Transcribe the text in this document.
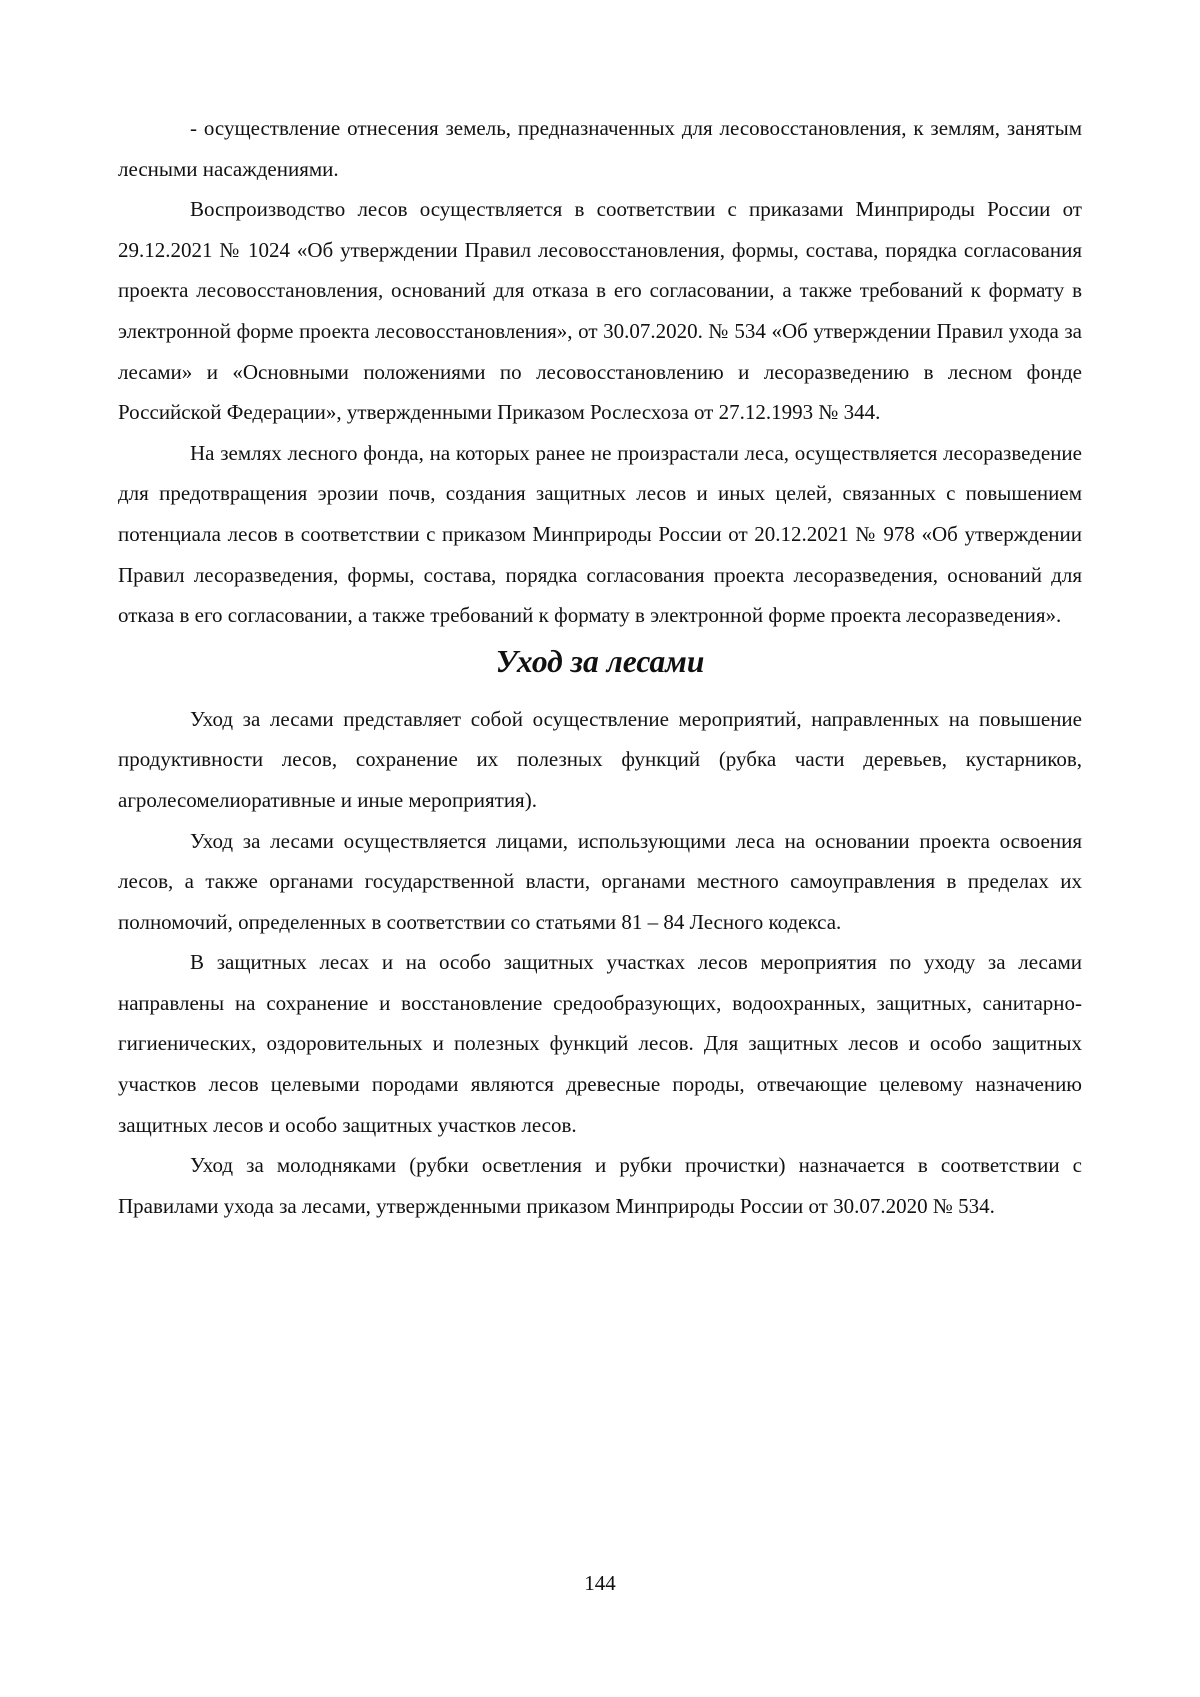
- осуществление отнесения земель, предназначенных для лесовосстановления, к землям, занятым лесными насаждениями.

Воспроизводство лесов осуществляется в соответствии с приказами Минприроды России от 29.12.2021 № 1024 «Об утверждении Правил лесовосстановления, формы, состава, порядка согласования проекта лесовосстановления, оснований для отказа в его согласовании, а также требований к формату в электронной форме проекта лесовосстановления», от 30.07.2020. № 534 «Об утверждении Правил ухода за лесами» и «Основными положениями по лесовосстановлению и лесоразведению в лесном фонде Российской Федерации», утвержденными Приказом Рослесхоза от 27.12.1993 № 344.

На землях лесного фонда, на которых ранее не произрастали леса, осуществляется лесоразведение для предотвращения эрозии почв, создания защитных лесов и иных целей, связанных с повышением потенциала лесов в соответствии с приказом Минприроды России от 20.12.2021 № 978 «Об утверждении Правил лесоразведения, формы, состава, порядка согласования проекта лесоразведения, оснований для отказа в его согласовании, а также требований к формату в электронной форме проекта лесоразведения».

Уход за лесами

Уход за лесами представляет собой осуществление мероприятий, направленных на повышение продуктивности лесов, сохранение их полезных функций (рубка части деревьев, кустарников, агролесомелиоративные и иные мероприятия).

Уход за лесами осуществляется лицами, использующими леса на основании проекта освоения лесов, а также органами государственной власти, органами местного самоуправления в пределах их полномочий, определенных в соответствии со статьями 81 – 84 Лесного кодекса.

В защитных лесах и на особо защитных участках лесов мероприятия по уходу за лесами направлены на сохранение и восстановление средообразующих, водоохранных, защитных, санитарно-гигиенических, оздоровительных и полезных функций лесов. Для защитных лесов и особо защитных участков лесов целевыми породами являются древесные породы, отвечающие целевому назначению защитных лесов и особо защитных участков лесов.

Уход за молодняками (рубки осветления и рубки прочистки) назначается в соответствии с Правилами ухода за лесами, утвержденными приказом Минприроды России от 30.07.2020 № 534.

144
